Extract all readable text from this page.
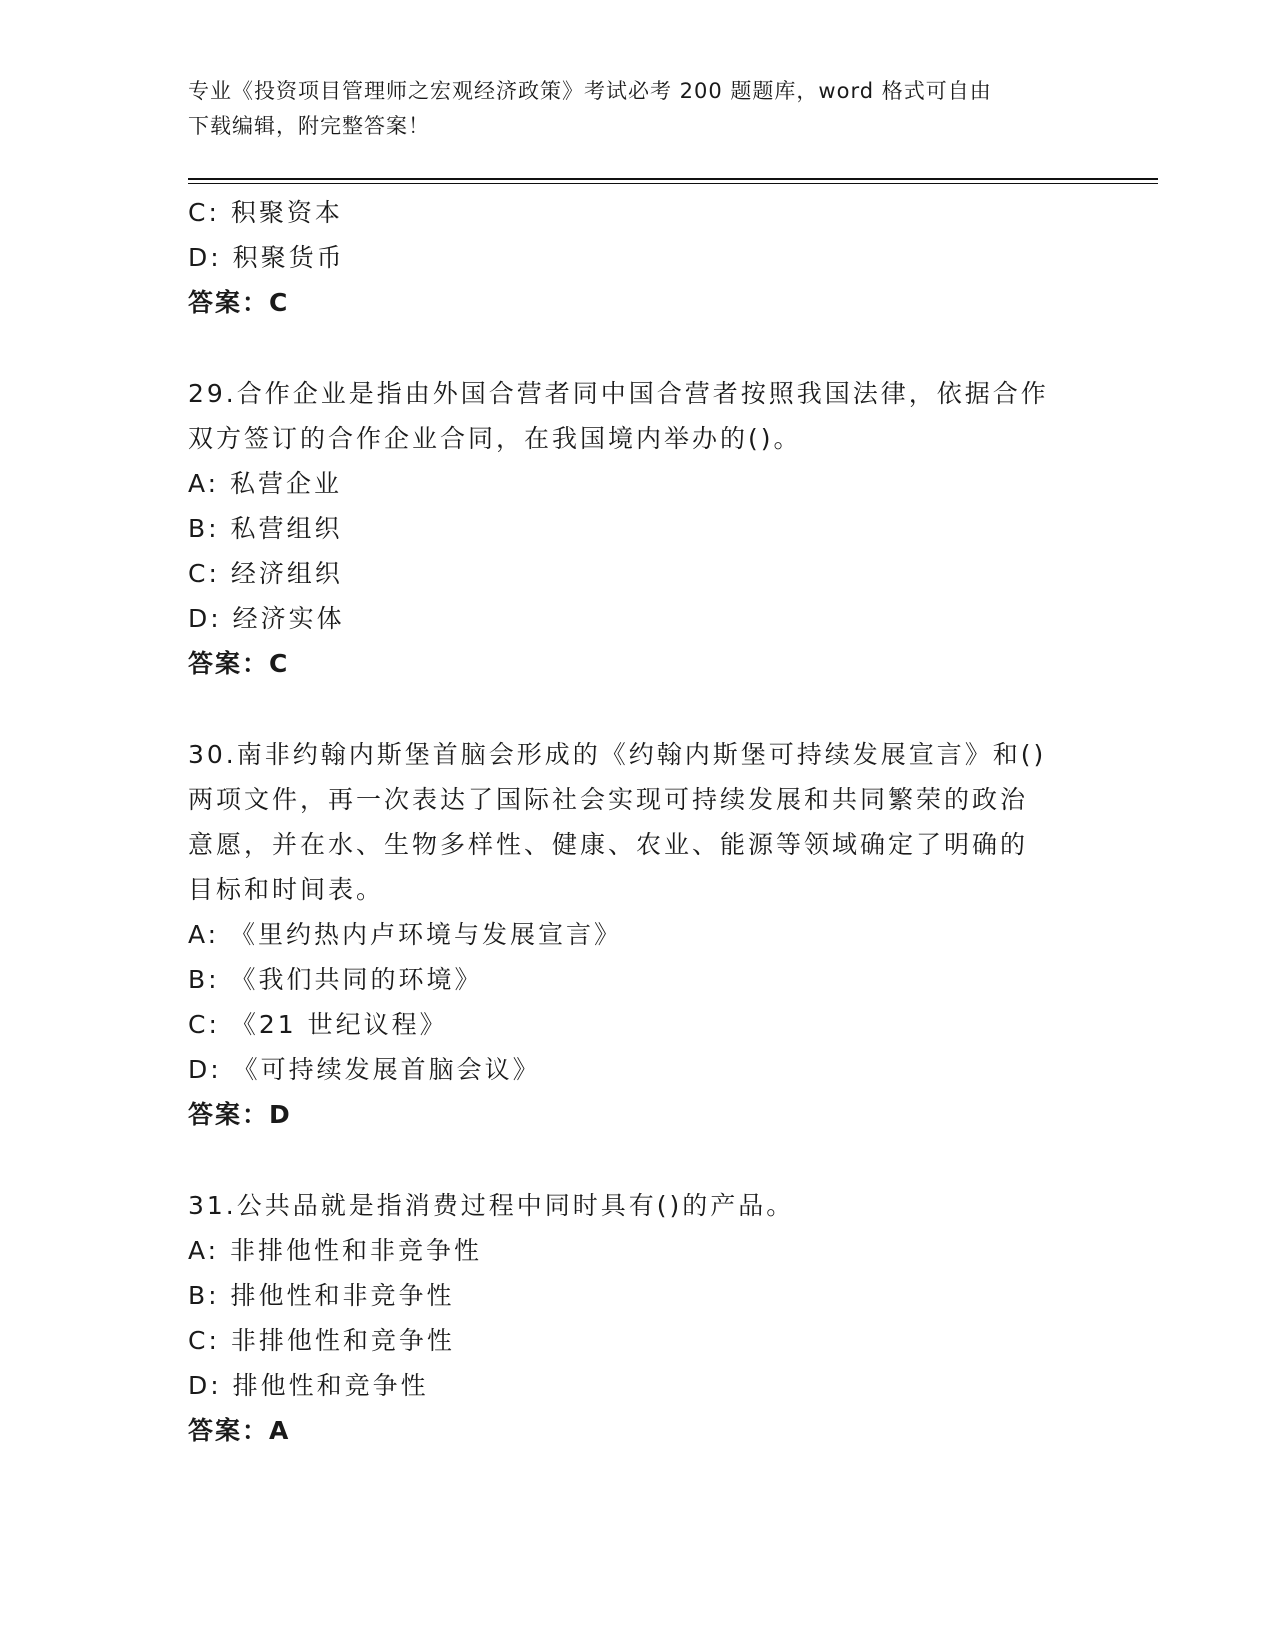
专业《投资项目管理师之宏观经济政策》考试必考 200 题题库，word 格式可自由
下载编辑，附完整答案！
C: 积聚资本
D: 积聚货币
答案：C
29.合作企业是指由外国合营者同中国合营者按照我国法律，依据合作
双方签订的合作企业合同，在我国境内举办的()。
A: 私营企业
B: 私营组织
C: 经济组织
D: 经济实体
答案：C
30.南非约翰内斯堡首脑会形成的《约翰内斯堡可持续发展宣言》和()
两项文件，再一次表达了国际社会实现可持续发展和共同繁荣的政治
意愿，并在水、生物多样性、健康、农业、能源等领域确定了明确的
目标和时间表。
A: 《里约热内卢环境与发展宣言》
B: 《我们共同的环境》
C: 《21 世纪议程》
D: 《可持续发展首脑会议》
答案：D
31.公共品就是指消费过程中同时具有()的产品。
A: 非排他性和非竞争性
B: 排他性和非竞争性
C: 非排他性和竞争性
D: 排他性和竞争性
答案：A
